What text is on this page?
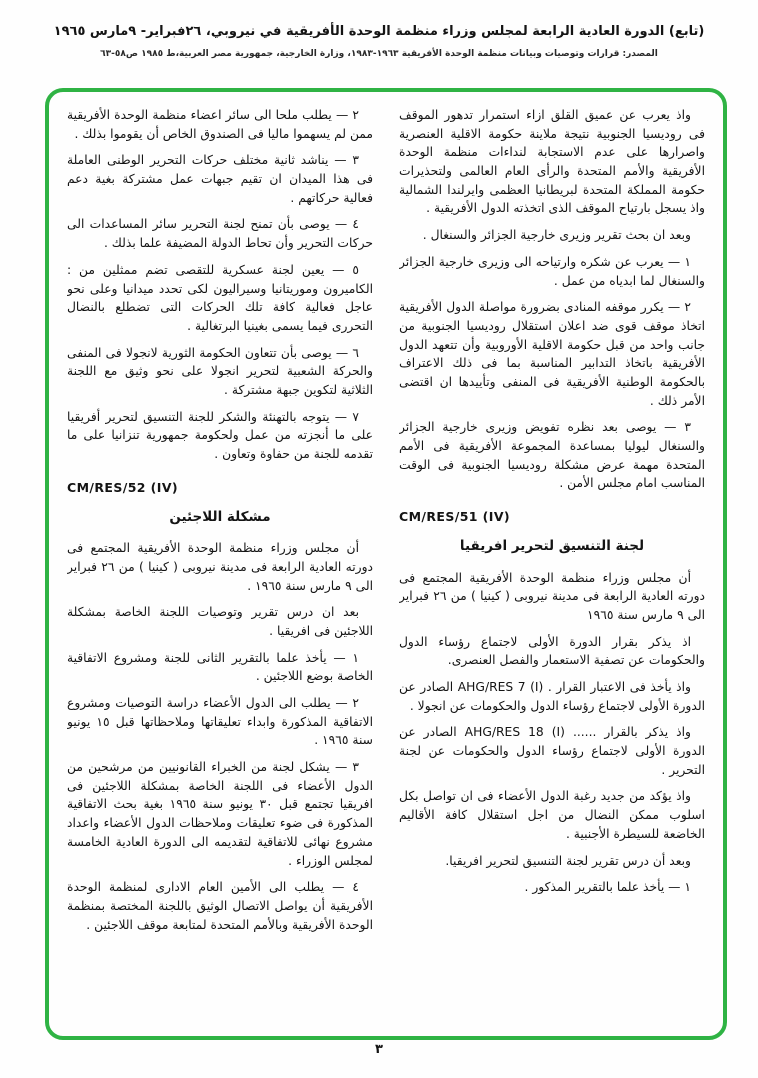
(تابع) الدورة العادية الرابعة لمجلس وزراء منظمة الوحدة الأفريقية في نيروبي، ٢٦فبراير- ٩مارس ١٩٦٥
المصدر: قرارات وتوصيات وبيانات منظمة الوحدة الأفريقية ١٩٦٣-١٩٨٣، وزارة الخارجية، جمهورية مصر العربية،ط ١٩٨٥ ص٥٨-٦٣
واذ يعرب عن عميق القلق ازاء استمرار تدهور الموقف فى روديسيا الجنوبية نتيجة ملاينة حكومة الاقلية العنصرية واصرارها على عدم الاستجابة لنداءات منظمة الوحدة الأفريقية والأمم المتحدة والرأى العام العالمى ولتحذيرات حكومة المملكة المتحدة لبريطانيا العظمى وايرلندا الشمالية واذ يسجل بارتياح الموقف الذى اتخذته الدول الأفريقية .
وبعد ان بحث تقرير وزيرى خارجية الجزائر والسنغال .
١ — يعرب عن شكره وارتياحه الى وزيرى خارجية الجزائر والسنغال لما ابدياه من عمل .
٢ — يكرر موقفه المنادى بضرورة مواصلة الدول الأفريقية اتخاذ موقف قوى ضد اعلان استقلال روديسيا الجنوبية من جانب واحد من قبل حكومة الاقلية الأوروبية وأن تتعهد الدول الأفريقية باتخاذ التدابير المناسبة بما فى ذلك الاعتراف بالحكومة الوطنية الأفريقية فى المنفى وتأييدها ان اقتضى الأمر ذلك .
٣ — يوصى بعد نظره تفويض وزيرى خارجية الجزائر والسنغال ليوليا بمساعدة المجموعة الأفريقية فى الأمم المتحدة مهمة عرض مشكلة روديسيا الجنوبية فى الوقت المناسب امام مجلس الأمن .
CM/RES/51 (IV)
لجنة التنسيق لتحرير افريقيا
أن مجلس وزراء منظمة الوحدة الأفريقية المجتمع فى دورته العادية الرابعة فى مدينة نيروبى ( كينيا ) من ٢٦ فبراير الى ٩ مارس سنة ١٩٦٥
اذ يذكر بقرار الدورة الأولى لاجتماع رؤساء الدول والحكومات عن تصفية الاستعمار والفصل العنصرى.
واذ يأخذ فى الاعتبار القرار . AHG/RES 7 (I) الصادر عن الدورة الأولى لاجتماع رؤساء الدول والحكومات عن انجولا .
واذ يذكر بالقرار ...... AHG/RES 18 (I) الصادر عن الدورة الأولى لاجتماع رؤساء الدول والحكومات عن لجنة التحرير .
واذ يؤكد من جديد رغبة الدول الأعضاء فى ان تواصل بكل اسلوب ممكن النضال من اجل استقلال كافة الأقاليم الخاضعة للسيطرة الأجنبية .
وبعد أن درس تقرير لجنة التنسيق لتحرير افريقيا.
١ — يأخذ علما بالتقرير المذكور .
٢ — يطلب ملحا الى سائر اعضاء منظمة الوحدة الأفريقية ممن لم يسهموا ماليا فى الصندوق الخاص أن يقوموا بذلك .
٣ — يناشد ثانية مختلف حركات التحرير الوطنى العاملة فى هذا الميدان ان تقيم جبهات عمل مشتركة بغية دعم فعالية حركاتهم .
٤ — يوصى بأن تمنح لجنة التحرير سائر المساعدات الى حركات التحرير وأن تحاط الدولة المضيفة علما بذلك .
٥ — يعين لجنة عسكرية للتقصى تضم ممثلين من : الكاميرون وموريتانيا وسيراليون لكى تحدد ميدانيا وعلى نحو عاجل فعالية كافة تلك الحركات التى تضطلع بالنضال التحررى فيما يسمى بغينيا البرتغالية .
٦ — يوصى بأن تتعاون الحكومة الثورية لانجولا فى المنفى والحركة الشعبية لتحرير انجولا على نحو وثيق مع اللجنة الثلاثية لتكوين جبهة مشتركة .
٧ — يتوجه بالتهنئة والشكر للجنة التنسيق لتحرير أفريقيا على ما أنجزته من عمل ولحكومة جمهورية تنزانيا على ما تقدمه للجنة من حفاوة وتعاون .
CM/RES/52 (IV)
مشكلة اللاجئين
أن مجلس وزراء منظمة الوحدة الأفريقية المجتمع فى دورته العادية الرابعة فى مدينة نيروبى ( كينيا ) من ٢٦ فبراير الى ٩ مارس سنة ١٩٦٥ .
بعد ان درس تقرير وتوصيات اللجنة الخاصة بمشكلة اللاجئين فى افريقيا .
١ — يأخذ علما بالتقرير الثانى للجنة ومشروع الاتفاقية الخاصة بوضع اللاجئين .
٢ — يطلب الى الدول الأعضاء دراسة التوصيات ومشروع الاتفاقية المذكورة وابداء تعليقاتها وملاحظاتها قبل ١٥ يونيو سنة ١٩٦٥ .
٣ — يشكل لجنة من الخبراء القانونيين من مرشحين من الدول الأعضاء فى اللجنة الخاصة بمشكلة اللاجئين فى افريقيا تجتمع قبل ٣٠ يونيو سنة ١٩٦٥ بغية بحث الاتفاقية المذكورة فى ضوء تعليقات وملاحظات الدول الأعضاء واعداد مشروع نهائى للاتفاقية لتقديمه الى الدورة العادية الخامسة لمجلس الوزراء .
٤ — يطلب الى الأمين العام الادارى لمنظمة الوحدة الأفريقية أن يواصل الاتصال الوثيق باللجنة المختصة بمنظمة الوحدة الأفريقية وبالأمم المتحدة لمتابعة موقف اللاجئين .
٣
